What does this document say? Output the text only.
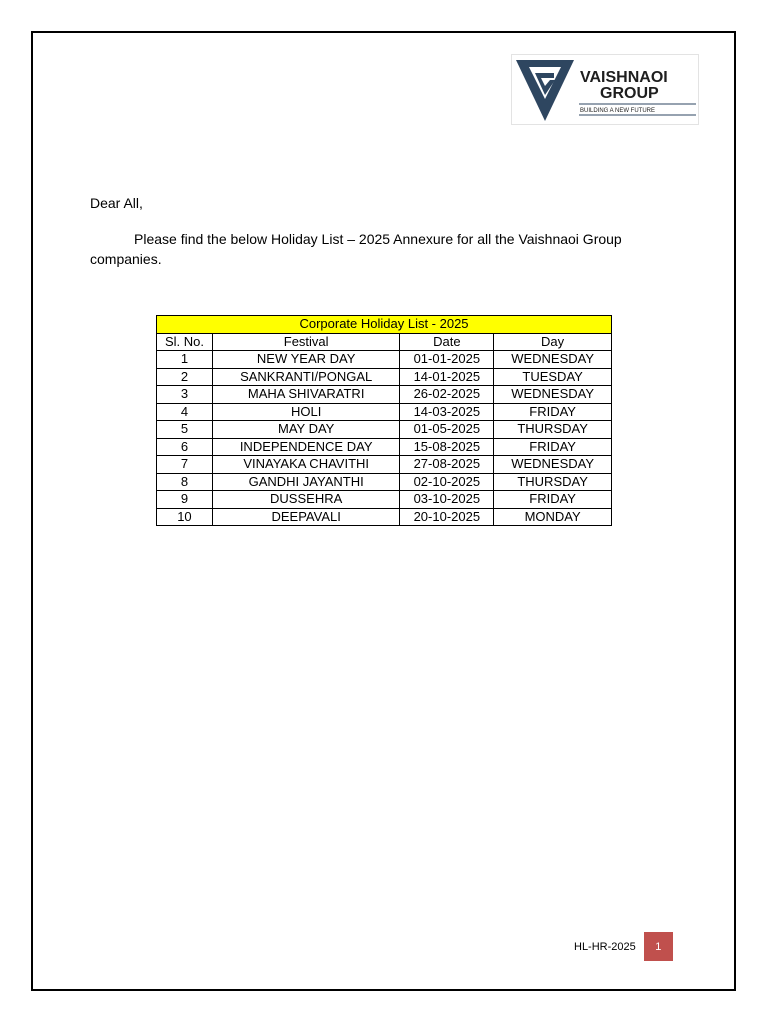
VAISHNAOI
GROUP
BUILDING A NEW FUTURE

Dear All,

Please find the below Holiday List – 2025 Annexure for all the Vaishnaoi Group companies.

Corporate Holiday List - 2025			
Sl. No.	Festival	Date	Day
1	NEW YEAR DAY	01-01-2025	WEDNESDAY
2	SANKRANTI/PONGAL	14-01-2025	TUESDAY
3	MAHA SHIVARATRI	26-02-2025	WEDNESDAY
4	HOLI	14-03-2025	FRIDAY
5	MAY DAY	01-05-2025	THURSDAY
6	INDEPENDENCE DAY	15-08-2025	FRIDAY
7	VINAYAKA CHAVITHI	27-08-2025	WEDNESDAY
8	GANDHI JAYANTHI	02-10-2025	THURSDAY
9	DUSSEHRA	03-10-2025	FRIDAY
10	DEEPAVALI	20-10-2025	MONDAY
HL-HR-2025	1
